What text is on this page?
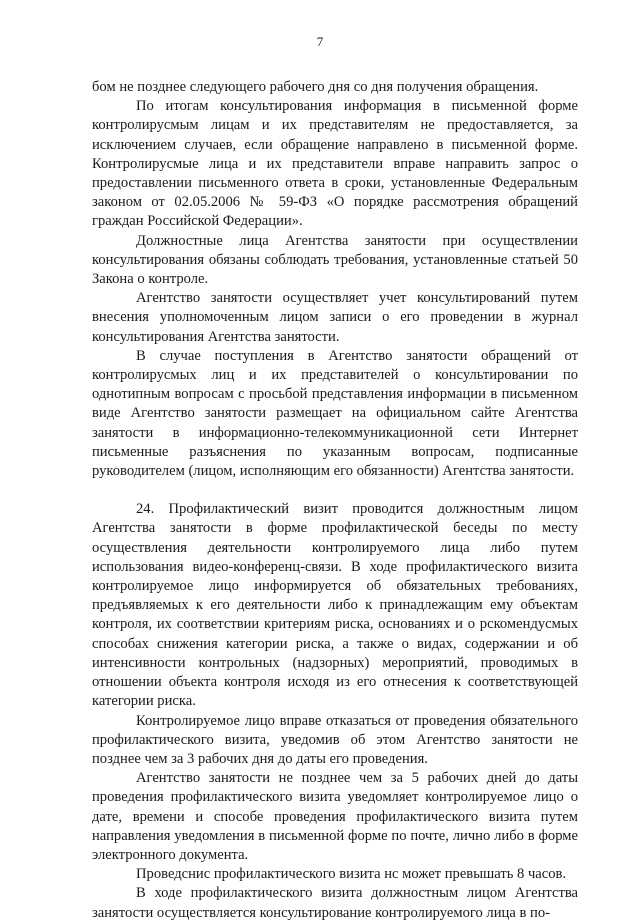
7

бом не позднее следующего рабочего дня со дня получения обращения.

По итогам консультирования информация в письменной форме контролирусмым лицам и их представителям не предоставляется, за исключением случаев, если обращение направлено в письменной форме. Контролирусмые лица и их представители вправе направить запрос о предоставлении письменного ответа в сроки, установленные Федеральным законом от 02.05.2006 № 59-ФЗ «О порядке рассмотрения обращений граждан Российской Федерации».

Должностные лица Агентства занятости при осуществлении консультирования обязаны соблюдать требования, установленные статьей 50 Закона о контроле.

Агентство занятости осуществляет учет консультирований путем внесения уполномоченным лицом записи о его проведении в журнал консультирования Агентства занятости.

В случае поступления в Агентство занятости обращений от контролирусмых лиц и их представителей о консультировании по однотипным вопросам с просьбой представления информации в письменном виде Агентство занятости размещает на официальном сайте Агентства занятости в информационно-телекоммуникационной сети Интернет письменные разъяснения по указанным вопросам, подписанные руководителем (лицом, исполняющим его обязанности) Агентства занятости.

24. Профилактический визит проводится должностным лицом Агентства занятости в форме профилактической беседы по месту осуществления деятельности контролируемого лица либо путем использования видео-конференц-связи. В ходе профилактического визита контролируемое лицо информируется об обязательных требованиях, предъявляемых к его деятельности либо к принадлежащим ему объектам контроля, их соответствии критериям риска, основаниях и о рскомендусмых способах снижения категории риска, а также о видах, содержании и об интенсивности контрольных (надзорных) мероприятий, проводимых в отношении объекта контроля исходя из его отнесения к соответствующей категории риска.

Контролируемое лицо вправе отказаться от проведения обязательного профилактического визита, уведомив об этом Агентство занятости не позднее чем за 3 рабочих дня до даты его проведения.

Агентство занятости не позднее чем за 5 рабочих дней до даты проведения профилактического визита уведомляет контролируемое лицо о дате, времени и способе проведения профилактического визита путем направления уведомления в письменной форме по почте, лично либо в форме электронного документа.

Проведснис профилактического визита нс может превышать 8 часов.

В ходе профилактического визита должностным лицом Агентства занятости осуществляется консультирование контролируемого лица в по-
